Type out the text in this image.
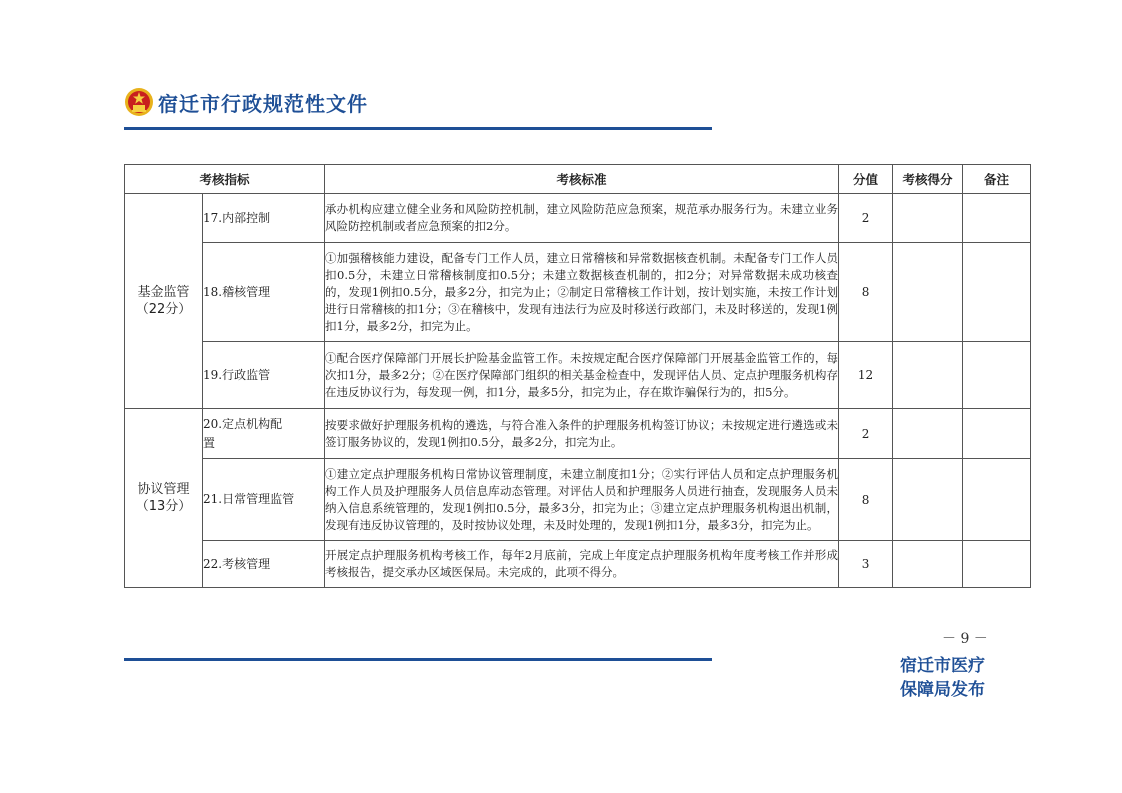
宿迁市行政规范性文件
考核指标		考核标准	分值	考核得分	备注

基金监管
（22分）	17.内部控制	承办机构应建立健全业务和风险防控机制，建立风险防范应急预案，规范承办服务行为。未建立业务风险防控机制或者应急预案的扣2分。	2		
	18.稽核管理	①加强稽核能力建设，配备专门工作人员，建立日常稽核和异常数据核查机制。未配备专门工作人员扣0.5分，未建立日常稽核制度扣0.5分；未建立数据核查机制的，扣2分；对异常数据未成功核查的，发现1例扣0.5分，最多2分，扣完为止；②制定日常稽核工作计划，按计划实施，未按工作计划进行日常稽核的扣1分；③在稽核中，发现有违法行为应及时移送行政部门，未及时移送的，发现1例扣1分，最多2分，扣完为止。	8		
	19.行政监管	①配合医疗保障部门开展长护险基金监管工作。未按规定配合医疗保障部门开展基金监管工作的，每次扣1分，最多2分；②在医疗保障部门组织的相关基金检查中，发现评估人员、定点护理服务机构存在违反协议行为，每发现一例，扣1分，最多5分，扣完为止，存在欺诈骗保行为的，扣5分。	12		

协议管理
（13分）	20.定点机构配置	按要求做好护理服务机构的遴选，与符合准入条件的护理服务机构签订协议；未按规定进行遴选或未签订服务协议的，发现1例扣0.5分，最多2分，扣完为止。	2		
	21.日常管理监管	①建立定点护理服务机构日常协议管理制度，未建立制度扣1分；②实行评估人员和定点护理服务机构工作人员及护理服务人员信息库动态管理。对评估人员和护理服务人员进行抽查，发现服务人员未纳入信息系统管理的，发现1例扣0.5分，最多3分，扣完为止；③建立定点护理服务机构退出机制，发现有违反协议管理的，及时按协议处理，未及时处理的，发现1例扣1分，最多3分，扣完为止。	8		
	22.考核管理	开展定点护理服务机构考核工作，每年2月底前，完成上年度定点护理服务机构年度考核工作并形成考核报告，提交承办区域医保局。未完成的，此项不得分。	3		
－ 9 －
宿迁市医疗
保障局发布
